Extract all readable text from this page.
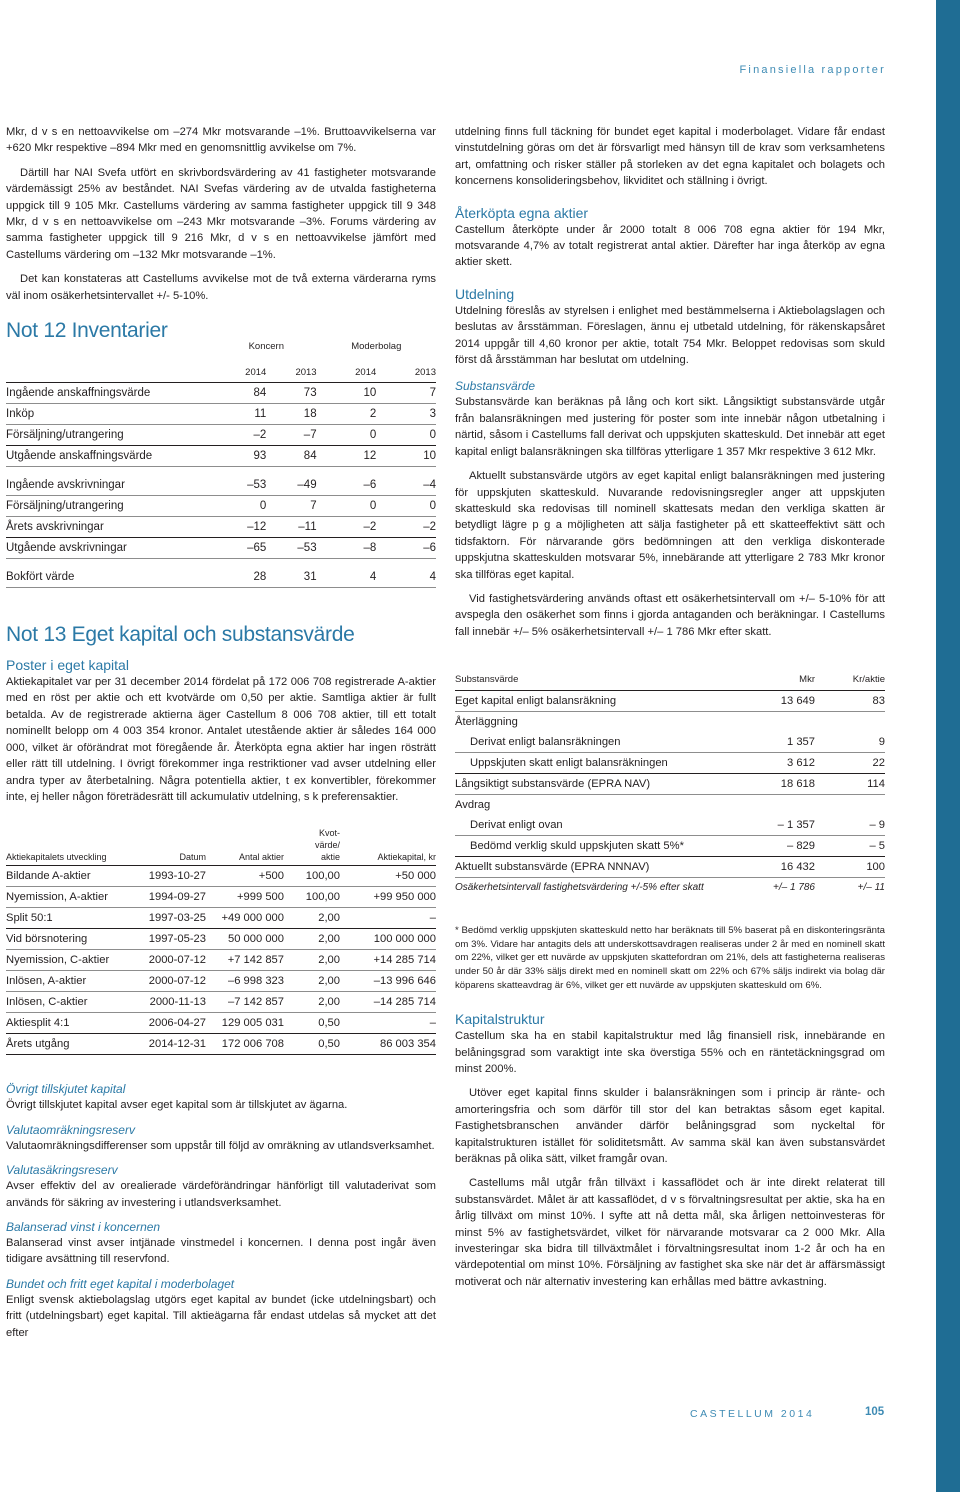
Finansiella rapporter

Mkr, d v s en nettoavvikelse om –274 Mkr motsvarande –1%. Bruttoavvikelserna var +620 Mkr respektive –894 Mkr med en genomsnittlig avvikelse om 7%.

Därtill har NAI Svefa utfört en skrivbordsvärdering av 41 fastigheter motsvarande värdemässigt 25% av beståndet. NAI Svefas värdering av de utvalda fastigheterna uppgick till 9 105 Mkr. Castellums värdering av samma fastigheter uppgick till 9 348 Mkr, d v s en nettoavvikelse om –243 Mkr motsvarande –3%. Forums värdering av samma fastigheter uppgick till 9 216 Mkr, d v s en nettoavvikelse jämfört med Castellums värdering om –132 Mkr motsvarande –1%.

Det kan konstateras att Castellums avvikelse mot de två externa värderarna ryms väl inom osäkerhetsintervallet +/- 5-10%.

Not 12 Inventarier
	Koncern		Moderbolag	

	2014	2013	2014	2013
Ingående anskaffningsvärde	84	73	10	7
Inköp	11	18	2	3
Försäljning/utrangering	–2	–7	0	0
Utgående anskaffningsvärde	93	84	12	10

Ingående avskrivningar	–53	–49	–6	–4
Försäljning/utrangering	0	7	0	0
Årets avskrivningar	–12	–11	–2	–2
Utgående avskrivningar	–65	–53	–8	–6

Bokfört värde	28	31	4	4
Not 13 Eget kapital och substansvärde
Poster i eget kapital

Aktiekapitalet var per 31 december 2014 fördelat på 172 006 708 registrerade A-aktier med en röst per aktie och ett kvotvärde om 0,50 per aktie. Samtliga aktier är fullt betalda. Av de registrerade aktierna äger Castellum 8 006 708 aktier, till ett totalt nominellt belopp om 4 003 354 kronor. Antalet utestående aktier är således 164 000 000, vilket är oförändrat mot föregående år. Återköpta egna aktier har ingen rösträtt eller rätt till utdelning. I övrigt förekommer inga restriktioner vad avser utdelning eller andra typer av återbetalning. Några potentiella aktier, t ex konvertibler, förekommer inte, ej heller någon företrädesrätt till ackumulativ utdelning, s k preferensaktier.

Aktiekapitalets utveckling	Datum	Antal aktier	Kvot-
värde/
aktie	Aktiekapital, kr
Bildande A-aktier	1993-10-27	+500	100,00	+50 000
Nyemission, A-aktier	1994-09-27	+999 500	100,00	+99 950 000
Split 50:1	1997-03-25	+49 000 000	2,00	–
Vid börsnotering	1997-05-23	50 000 000	2,00	100 000 000
Nyemission, C-aktier	2000-07-12	+7 142 857	2,00	+14 285 714
Inlösen, A-aktier	2000-07-12	–6 998 323	2,00	–13 996 646
Inlösen, C-aktier	2000-11-13	–7 142 857	2,00	–14 285 714
Aktiesplit 4:1	2006-04-27	129 005 031	0,50	–
Årets utgång	2014-12-31	172 006 708	0,50	86 003 354
Övrigt tillskjutet kapital

Övrigt tillskjutet kapital avser eget kapital som är tillskjutet av ägarna.

Valutaomräkningsreserv

Valutaomräkningsdifferenser som uppstår till följd av omräkning av utlandsverksamhet.

Valutasäkringsreserv

Avser effektiv del av orealierade värdeförändringar hänförligt till valutaderivat som används för säkring av investering i utlandsverksamhet.

Balanserad vinst i koncernen

Balanserad vinst avser intjänade vinstmedel i koncernen. I denna post ingår även tidigare avsättning till reservfond.

Bundet och fritt eget kapital i moderbolaget

Enligt svensk aktiebolagslag utgörs eget kapital av bundet (icke utdelningsbart) och fritt (utdelningsbart) eget kapital. Till aktieägarna får endast utdelas så mycket att det efter

utdelning finns full täckning för bundet eget kapital i moderbolaget. Vidare får endast vinstutdelning göras om det är försvarligt med hänsyn till de krav som verksamhetens art, omfattning och risker ställer på storleken av det egna kapitalet och bolagets och koncernens konsolideringsbehov, likviditet och ställning i övrigt.

Återköpta egna aktier

Castellum återköpte under år 2000 totalt 8 006 708 egna aktier för 194 Mkr, motsvarande 4,7% av totalt registrerat antal aktier. Därefter har inga återköp av egna aktier skett.

Utdelning

Utdelning föreslås av styrelsen i enlighet med bestämmelserna i Aktiebolagslagen och beslutas av årsstämman. Föreslagen, ännu ej utbetald utdelning, för räkenskapsåret 2014 uppgår till 4,60 kronor per aktie, totalt 754 Mkr. Beloppet redovisas som skuld först då årsstämman har beslutat om utdelning.

Substansvärde

Substansvärde kan beräknas på lång och kort sikt. Långsiktigt substansvärde utgår från balansräkningen med justering för poster som inte innebär någon utbetalning i närtid, såsom i Castellums fall derivat och uppskjuten skatteskuld. Det innebär att eget kapital enligt balansräkningen ska tillföras ytterligare 1 357 Mkr respektive 3 612 Mkr.

Aktuellt substansvärde utgörs av eget kapital enligt balansräkningen med justering för uppskjuten skatteskuld. Nuvarande redovisningsregler anger att uppskjuten skatteskuld ska redovisas till nominell skattesats medan den verkliga skatten är betydligt lägre p g a möjligheten att sälja fastigheter på ett skatteeffektivt sätt och tidsfaktorn. För närvarande görs bedömningen att den verkliga diskonterade uppskjutna skatteskulden motsvarar 5%, innebärande att ytterligare 2 783 Mkr kronor ska tillföras eget kapital.

Vid fastighetsvärdering används oftast ett osäkerhetsintervall om +/– 5-10% för att avspegla den osäkerhet som finns i gjorda antaganden och beräkningar. I Castellums fall innebär +/– 5% osäkerhetsintervall +/– 1 786 Mkr efter skatt.

Substansvärde	Mkr	Kr/aktie
Eget kapital enligt balansräkning	13 649	83
Återläggning		
Derivat enligt balansräkningen	1 357	9
Uppskjuten skatt enligt balansräkningen	3 612	22
Långsiktigt substansvärde (EPRA NAV)	18 618	114
Avdrag		
Derivat enligt ovan	– 1 357	– 9
Bedömd verklig skuld uppskjuten skatt 5%*	– 829	– 5
Aktuellt substansvärde (EPRA NNNAV)	16 432	100
Osäkerhetsintervall fastighetsvärdering +/-5% efter skatt	+/– 1 786	+/– 11

* Bedömd verklig uppskjuten skatteskuld netto har beräknats till 5% baserat på en diskonteringsränta om 3%. Vidare har antagits dels att underskottsavdragen realiseras under 2 år med en nominell skatt om 22%, vilket ger ett nuvärde av uppskjuten skattefordran om 21%, dels att fastigheterna realiseras under 50 år där 33% säljs direkt med en nominell skatt om 22% och 67% säljs indirekt via bolag där köparens skatteavdrag är 6%, vilket ger ett nuvärde av uppskjuten skatteskuld om 6%.

Kapitalstruktur

Castellum ska ha en stabil kapitalstruktur med låg finansiell risk, innebärande en belåningsgrad som varaktigt inte ska överstiga 55% och en räntetäckningsgrad om minst 200%.

Utöver eget kapital finns skulder i balansräkningen som i princip är ränte- och amorteringsfria och som därför till stor del kan betraktas såsom eget kapital. Fastighetsbranschen använder därför belåningsgrad som nyckeltal för kapitalstrukturen istället för soliditetsmått. Av samma skäl kan även substansvärdet beräknas på olika sätt, vilket framgår ovan.

Castellums mål utgår från tillväxt i kassaflödet och är inte direkt relaterat till substansvärdet. Målet är att kassaflödet, d v s förvaltningsresultat per aktie, ska ha en årlig tillväxt om minst 10%. I syfte att nå detta mål, ska årligen nettoinvesteras för minst 5% av fastighetsvärdet, vilket för närvarande motsvarar ca 2 000 Mkr. Alla investeringar ska bidra till tillväxtmålet i förvaltningsresultat inom 1-2 år och ha en värdepotential om minst 10%. Försäljning av fastighet ska ske när det är affärsmässigt motiverat och när alternativ investering kan erhållas med bättre avkastning.

CASTELLUM 2014	105
